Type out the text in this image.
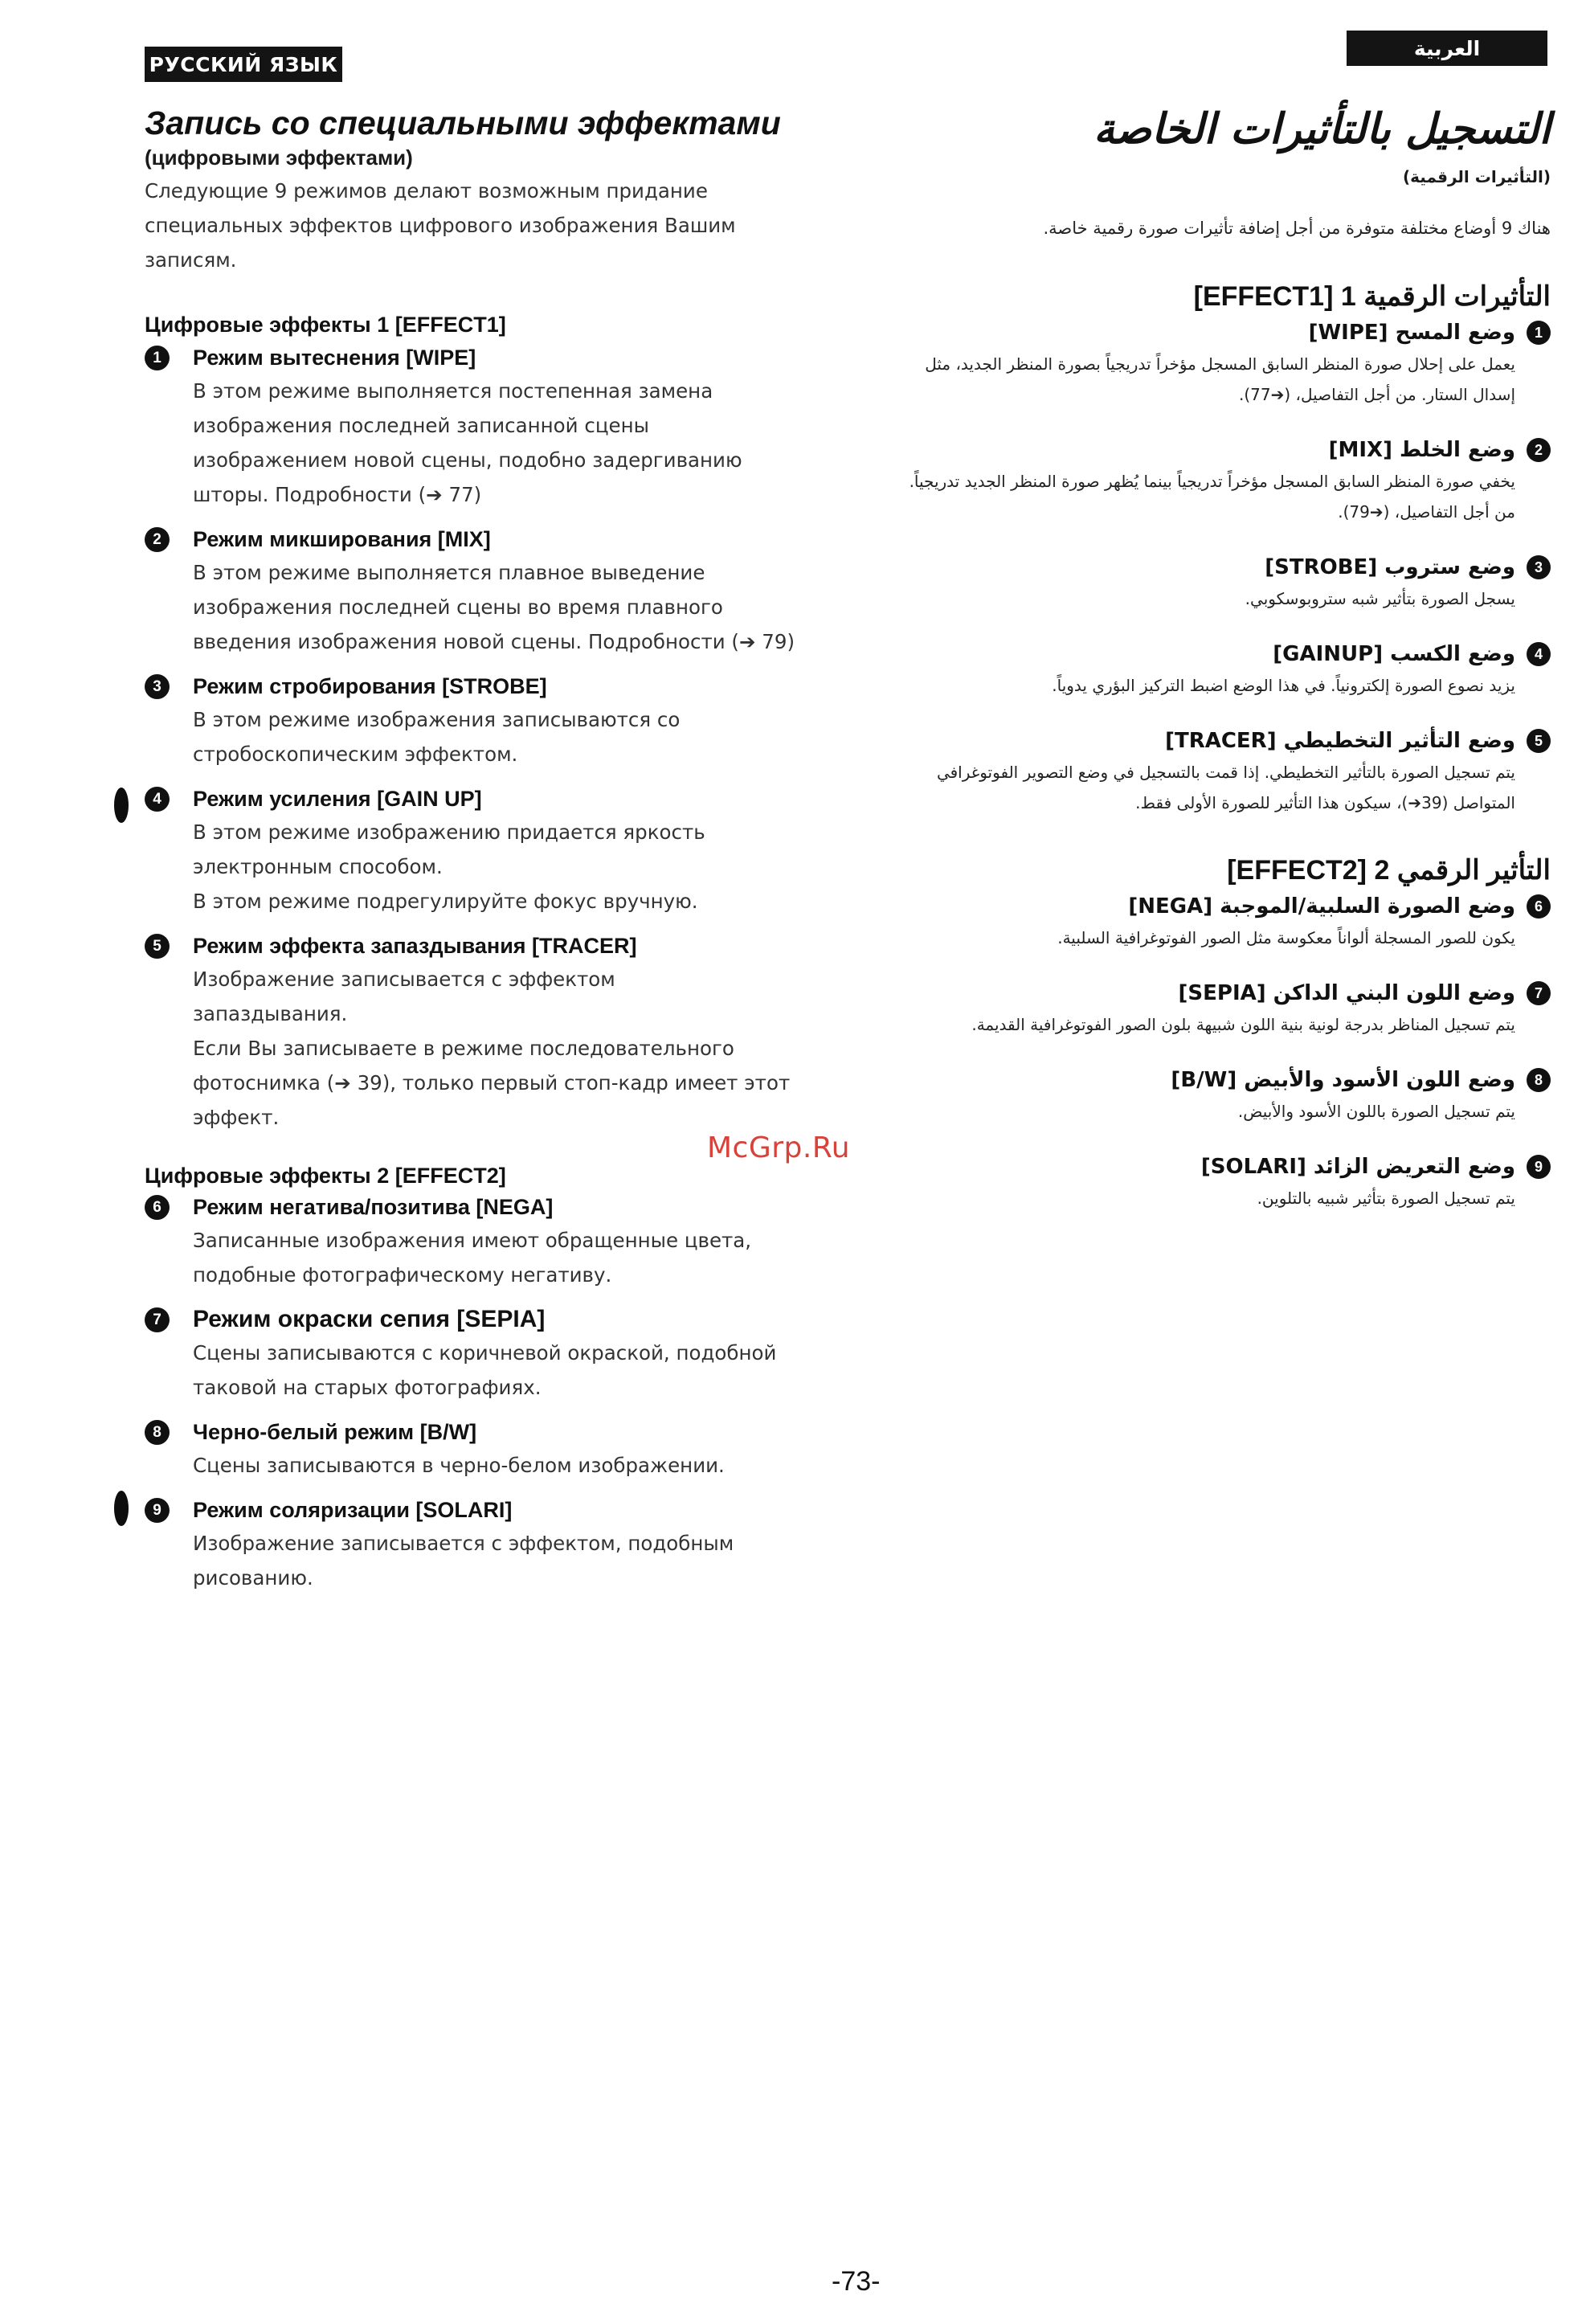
РУССКИЙ ЯЗЫК
العربية
Запись со специальными эффектами

(цифровыми эффектами)

Следующие 9 режимов делают возможным придание специальных эффектов цифрового изображения Вашим записям.

Цифровые эффекты 1 [EFFECT1]

1	Режим вытеснения [WIPE]

В этом режиме выполняется постепенная замена изображения последней записанной сцены изображением новой сцены, подобно задергиванию шторы. Подробности (➔ 77)

2	Режим микширования [MIX]

В этом режиме выполняется плавное выведение изображения последней сцены во время плавного введения изображения новой сцены. Подробности (➔ 79)

3	Режим стробирования [STROBE]

В этом режиме изображения записываются со стробоскопическим эффектом.

4	Режим усиления [GAIN UP]

В этом режиме изображению придается яркость электронным способом.

В этом режиме подрегулируйте фокус вручную.

5	Режим эффекта запаздывания [TRACER]

Изображение записывается с эффектом запаздывания.

Если Вы записываете в режиме последовательного фотоснимка (➔ 39), только первый стоп-кадр имеет этот эффект.

Цифровые эффекты 2 [EFFECT2]

6	Режим негатива/позитива [NEGA]

Записанные изображения имеют обращенные цвета, подобные фотографическому негативу.

7	Режим окраски сепия [SEPIA]

Сцены записываются с коричневой окраской, подобной таковой на старых фотографиях.

8	Черно-белый режим [B/W]

Сцены записываются в черно-белом изображении.

9	Режим соляризации [SOLARI]

Изображение записывается с эффектом, подобным рисованию.

التسجيل بالتأثيرات الخاصة

(التأثيرات الرقمية)

هناك 9 أوضاع مختلفة متوفرة من أجل إضافة تأثيرات صورة رقمية خاصة.

التأثيرات الرقمية 1 [EFFECT1]

1

وضع المسح [WIPE]

يعمل على إحلال صورة المنظر السابق المسجل مؤخراً تدريجياً بصورة المنظر الجديد، مثل إسدال الستار. من أجل التفاصيل، (➔77).

2

وضع الخلط [MIX]

يخفي صورة المنظر السابق المسجل مؤخراً تدريجياً بينما يُظهر صورة المنظر الجديد تدريجياً. من أجل التفاصيل، (➔79).

3

وضع ستروب [STROBE]

يسجل الصورة بتأثير شبه ستروبوسكوبي.

4

وضع الكسب [GAINUP]

يزيد نصوع الصورة إلكترونياً. في هذا الوضع اضبط التركيز البؤري يدوياً.

5

وضع التأثير التخطيطي [TRACER]

يتم تسجيل الصورة بالتأثير التخطيطي. إذا قمت بالتسجيل في وضع التصوير الفوتوغرافي المتواصل (39➔)، سيكون هذا التأثير للصورة الأولى فقط.

التأثير الرقمي 2 [EFFECT2]

6

وضع الصورة السلبية/الموجبة [NEGA]

يكون للصور المسجلة ألواناً معكوسة مثل الصور الفوتوغرافية السلبية.

7

وضع اللون البني الداكن [SEPIA]

يتم تسجيل المناظر بدرجة لونية بنية اللون شبيهة بلون الصور الفوتوغرافية القديمة.

8

وضع اللون الأسود والأبيض [B/W]

يتم تسجيل الصورة باللون الأسود والأبيض.

9

وضع التعريض الزائد [SOLARI]

يتم تسجيل الصورة بتأثير شبيه بالتلوين.

McGrp.Ru
-73-
